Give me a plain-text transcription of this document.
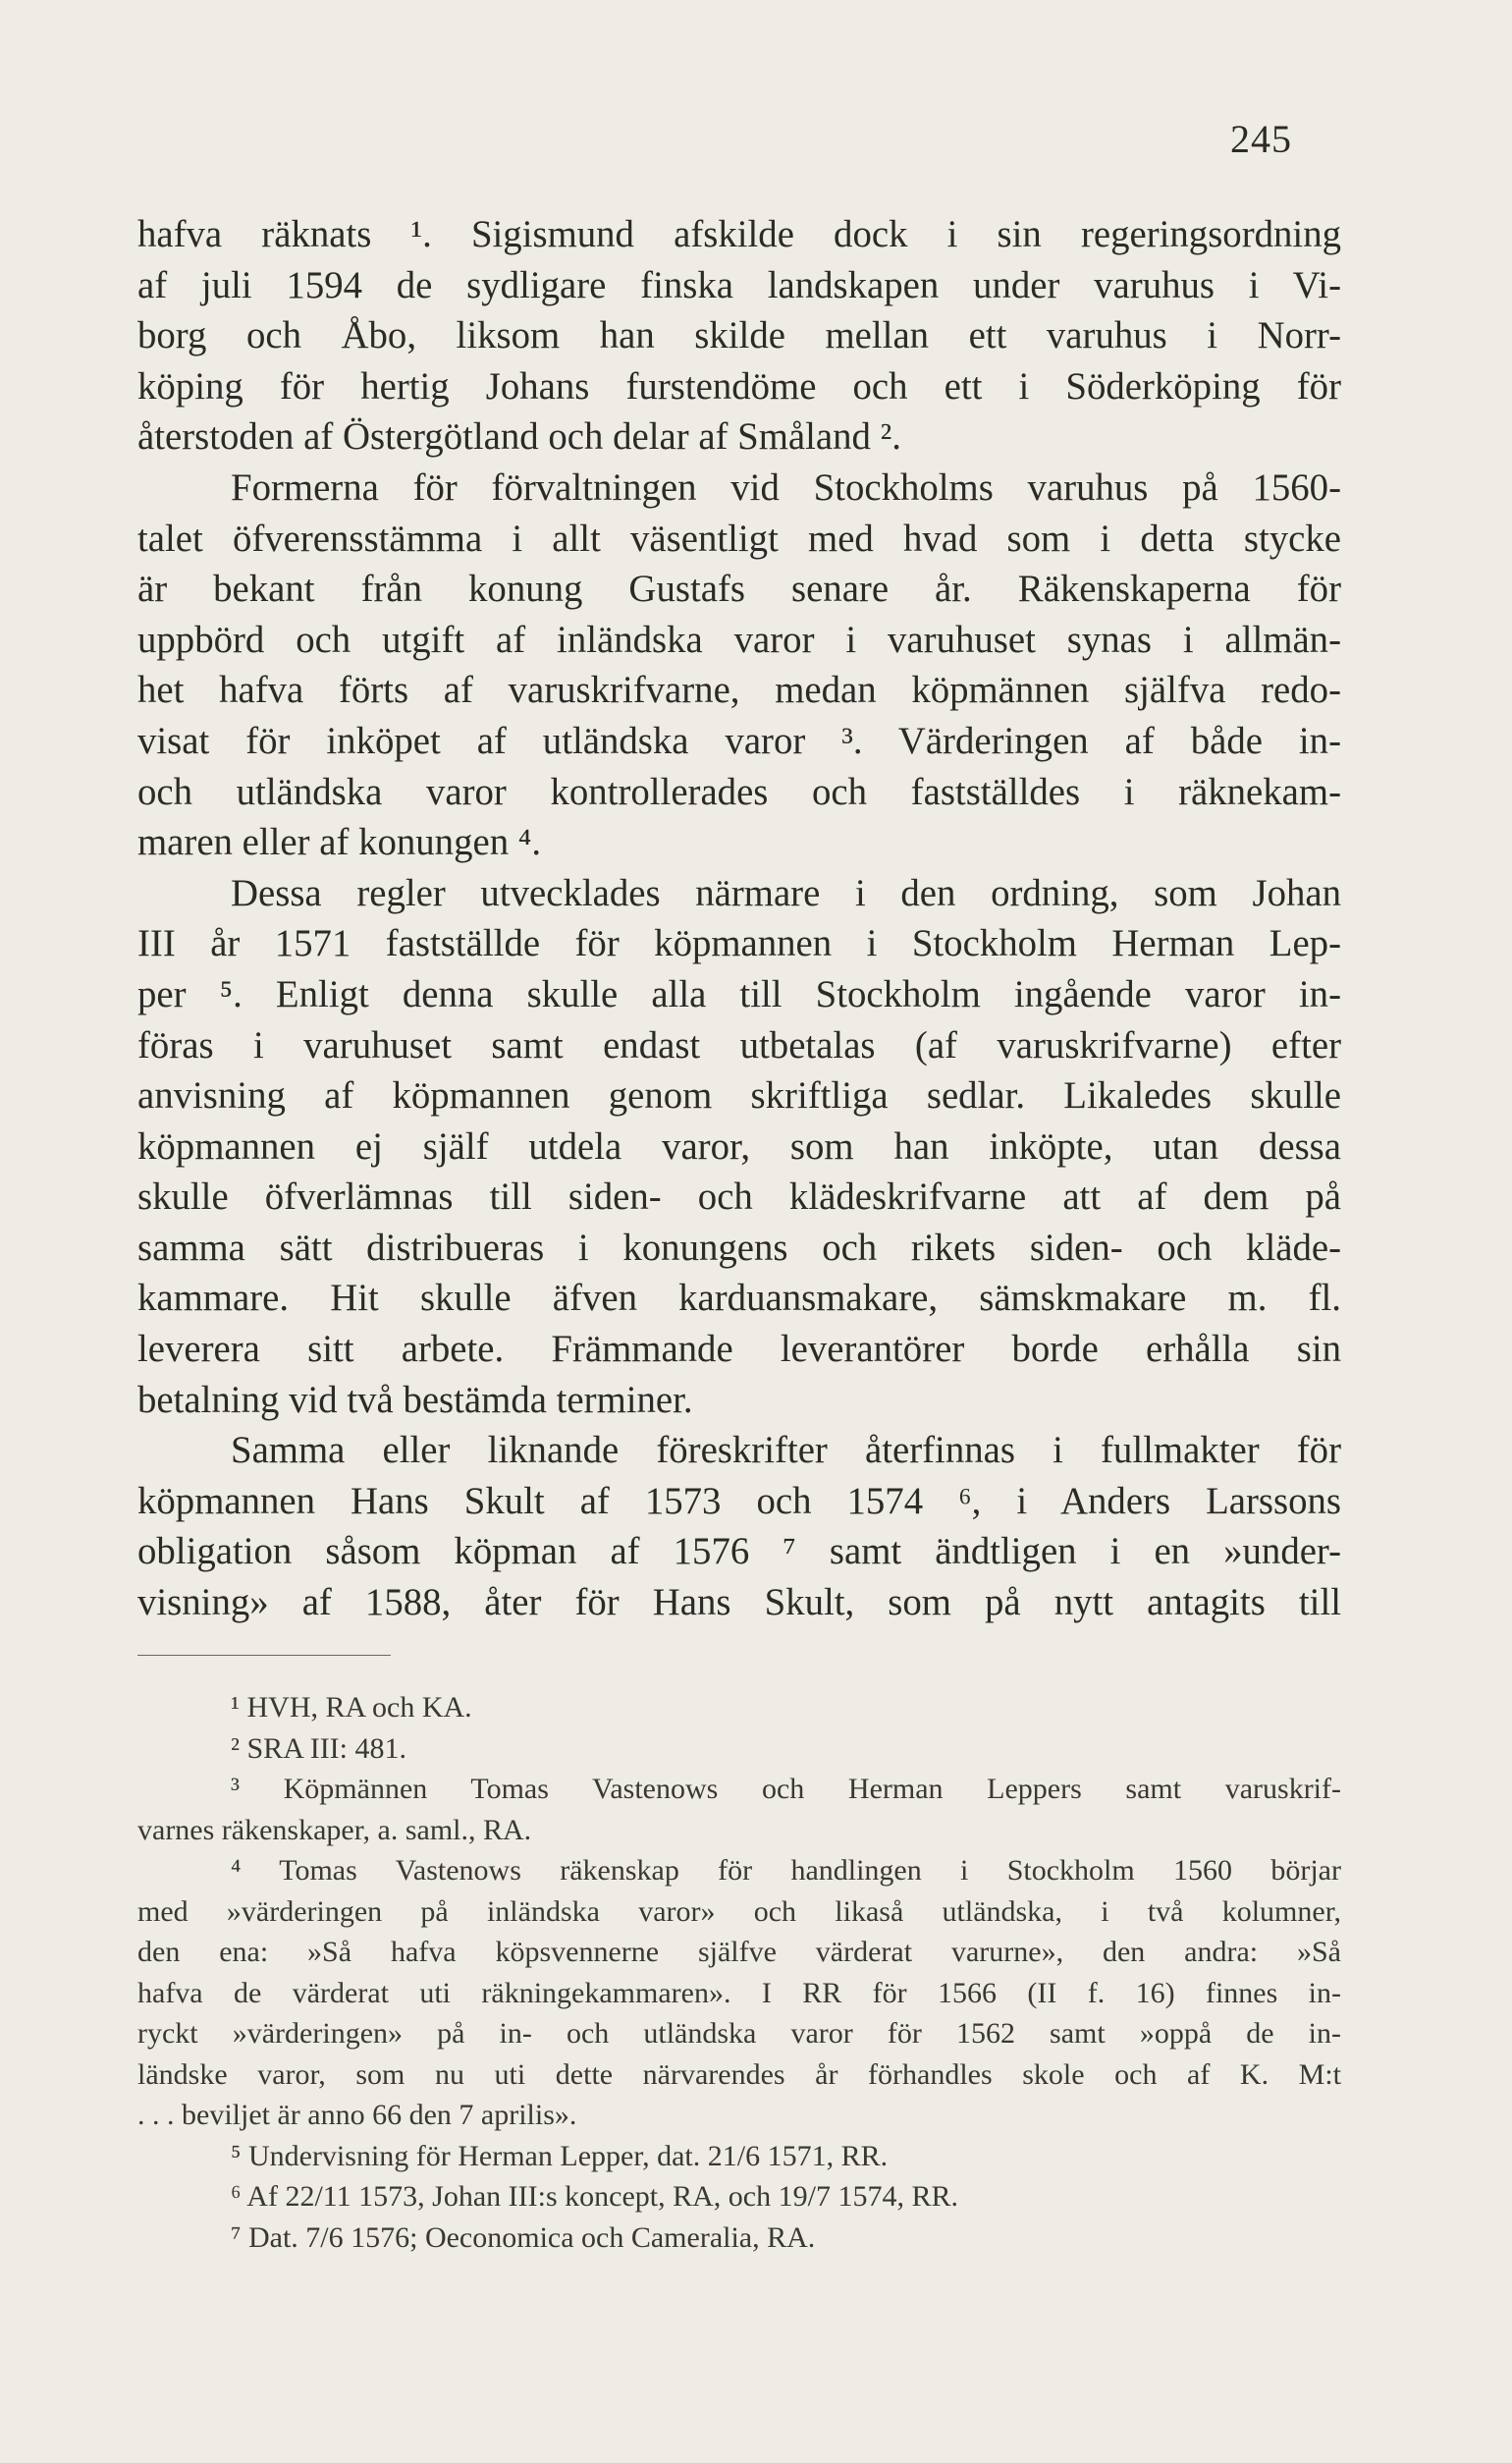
245
hafva räknats ¹. Sigismund afskilde dock i sin regeringsordning
af juli 1594 de sydligare finska landskapen under varuhus i Vi-
borg och Åbo, liksom han skilde mellan ett varuhus i Norr-
köping för hertig Johans furstendöme och ett i Söderköping för
återstoden af Östergötland och delar af Småland ².
Formerna för förvaltningen vid Stockholms varuhus på 1560-
talet öfverensstämma i allt väsentligt med hvad som i detta stycke
är bekant från konung Gustafs senare år. Räkenskaperna för
uppbörd och utgift af inländska varor i varuhuset synas i allmän-
het hafva förts af varuskrifvarne, medan köpmännen själfva redo-
visat för inköpet af utländska varor ³. Värderingen af både in-
och utländska varor kontrollerades och fastställdes i räknekam-
maren eller af konungen ⁴.
Dessa regler utvecklades närmare i den ordning, som Johan
III år 1571 fastställde för köpmannen i Stockholm Herman Lep-
per ⁵. Enligt denna skulle alla till Stockholm ingående varor in-
föras i varuhuset samt endast utbetalas (af varuskrifvarne) efter
anvisning af köpmannen genom skriftliga sedlar. Likaledes skulle
köpmannen ej själf utdela varor, som han inköpte, utan dessa
skulle öfverlämnas till siden- och klädeskrifvarne att af dem på
samma sätt distribueras i konungens och rikets siden- och kläde-
kammare. Hit skulle äfven karduansmakare, sämskmakare m. fl.
leverera sitt arbete. Främmande leverantörer borde erhålla sin
betalning vid två bestämda terminer.
Samma eller liknande föreskrifter återfinnas i fullmakter för
köpmannen Hans Skult af 1573 och 1574 ⁶, i Anders Larssons
obligation såsom köpman af 1576 ⁷ samt ändtligen i en »under-
visning» af 1588, åter för Hans Skult, som på nytt antagits till
¹ HVH, RA och KA.
² SRA III: 481.
³ Köpmännen Tomas Vastenows och Herman Leppers samt varuskrif-
varnes räkenskaper, a. saml., RA.
⁴ Tomas Vastenows räkenskap för handlingen i Stockholm 1560 börjar
med »värderingen på inländska varor» och likaså utländska, i två kolumner,
den ena: »Så hafva köpsvennerne själfve värderat varurne», den andra: »Så
hafva de värderat uti räkningekammaren». I RR för 1566 (II f. 16) finnes in-
ryckt »värderingen» på in- och utländska varor för 1562 samt »oppå de in-
ländske varor, som nu uti dette närvarendes år förhandles skole och af K. M:t
. . . beviljet är anno 66 den 7 aprilis».
⁵ Undervisning för Herman Lepper, dat. 21/6 1571, RR.
⁶ Af 22/11 1573, Johan III:s koncept, RA, och 19/7 1574, RR.
⁷ Dat. 7/6 1576; Oeconomica och Cameralia, RA.
